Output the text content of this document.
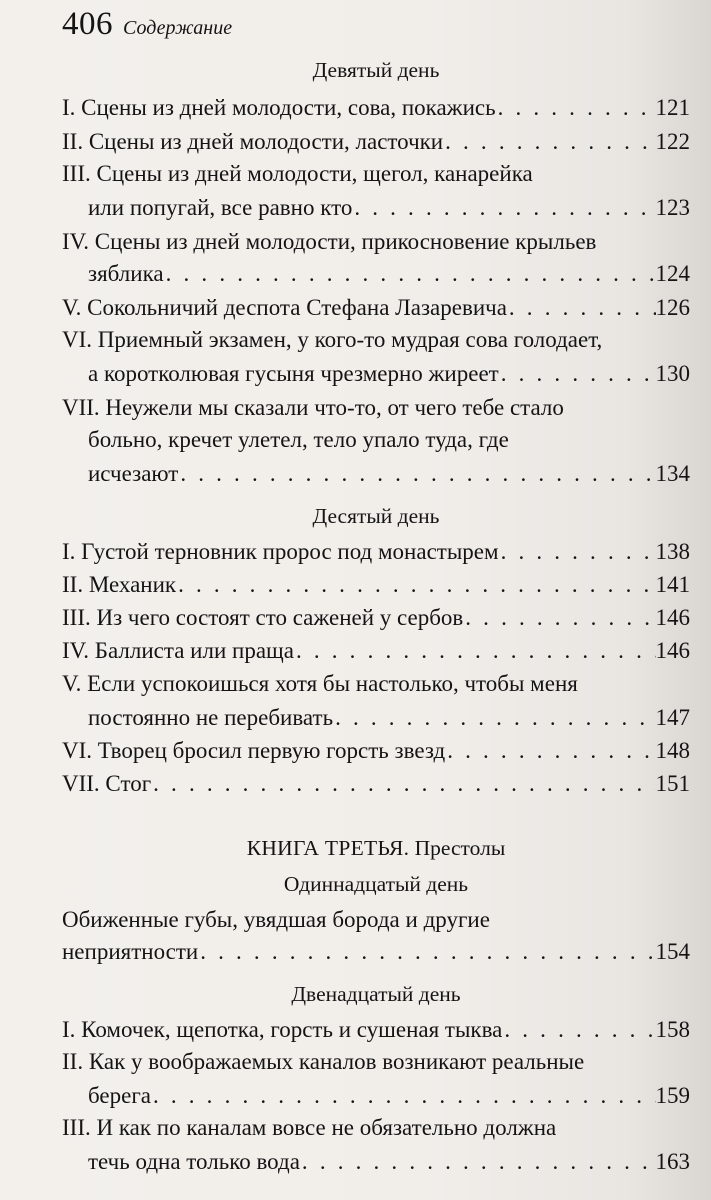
406 Содержание
Девятый день
I. Сцены из дней молодости, сова, покажись . . .	121
II. Сцены из дней молодости, ласточки . . .	122
III. Сцены из дней молодости, щегол, канарейка
или попугай, все равно кто . . .	123
IV. Сцены из дней молодости, прикосновение крыльев
зяблика . . .	124
V. Сокольничий деспота Стефана Лазаревича . . .	126
VI. Приемный экзамен, у кого-то мудрая сова голодает,
а коротколювая гусыня чрезмерно жиреет . . .	130
VII. Неужели мы сказали что-то, от чего тебе стало
больно, кречет улетел, тело упало туда, где
исчезают . . .	134
Десятый день
I. Густой терновник пророс под монастырем . . .	138
II. Механик . . .	141
III. Из чего состоят сто саженей у сербов . . .	146
IV. Баллиста или праща . . .	146
V. Если успокоишься хотя бы настолько, чтобы меня
постоянно не перебивать . . .	147
VI. Творец бросил первую горсть звезд . . .	148
VII. Стог . . .	151
КНИГА ТРЕТЬЯ. Престолы
Одиннадцатый день
Обиженные губы, увядшая борода и другие
неприятности . . .	154
Двенадцатый день
I. Комочек, щепотка, горсть и сушеная тыква . . .	158
II. Как у воображаемых каналов возникают реальные
берега . . .	159
III. И как по каналам вовсе не обязательно должна
течь одна только вода . . .	163
